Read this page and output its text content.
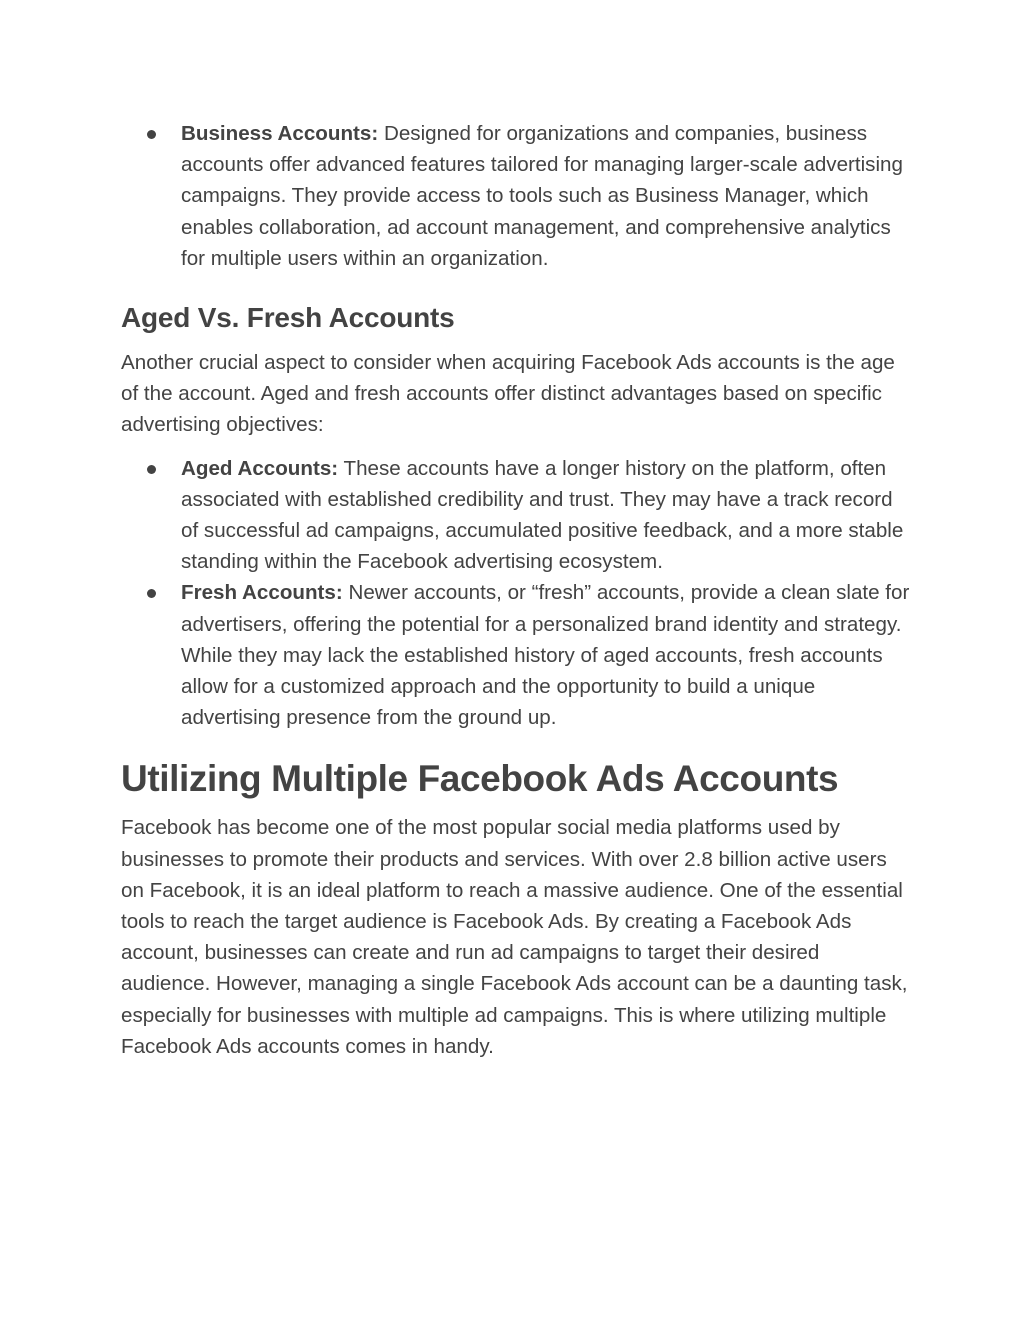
Business Accounts: Designed for organizations and companies, business accounts offer advanced features tailored for managing larger-scale advertising campaigns. They provide access to tools such as Business Manager, which enables collaboration, ad account management, and comprehensive analytics for multiple users within an organization.
Aged Vs. Fresh Accounts

Another crucial aspect to consider when acquiring Facebook Ads accounts is the age of the account. Aged and fresh accounts offer distinct advantages based on specific advertising objectives:

Aged Accounts: These accounts have a longer history on the platform, often associated with established credibility and trust. They may have a track record of successful ad campaigns, accumulated positive feedback, and a more stable standing within the Facebook advertising ecosystem.
Fresh Accounts: Newer accounts, or “fresh” accounts, provide a clean slate for advertisers, offering the potential for a personalized brand identity and strategy. While they may lack the established history of aged accounts, fresh accounts allow for a customized approach and the opportunity to build a unique advertising presence from the ground up.
Utilizing Multiple Facebook Ads Accounts

Facebook has become one of the most popular social media platforms used by businesses to promote their products and services. With over 2.8 billion active users on Facebook, it is an ideal platform to reach a massive audience. One of the essential tools to reach the target audience is Facebook Ads. By creating a Facebook Ads account, businesses can create and run ad campaigns to target their desired audience. However, managing a single Facebook Ads account can be a daunting task, especially for businesses with multiple ad campaigns. This is where utilizing multiple Facebook Ads accounts comes in handy.
